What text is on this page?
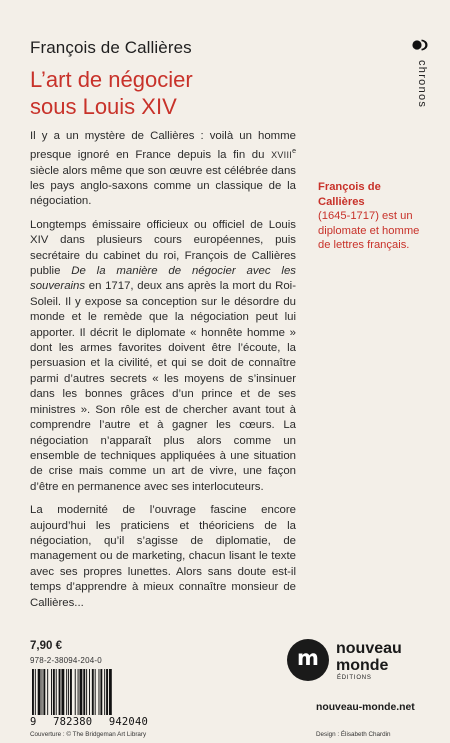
François de Callières
L’art de négocier
sous Louis XIV	chronos

Il y a un mystère de Callières : voilà un homme presque ignoré en France depuis la fin du XVIIIe siècle alors même que son œuvre est célébrée dans les pays anglo-saxons comme un classique de la négociation.

Longtemps émissaire officieux ou officiel de Louis XIV dans plusieurs cours européennes, puis secrétaire du cabinet du roi, François de Callières publie De la manière de négocier avec les souverains en 1717, deux ans après la mort du Roi-Soleil. Il y expose sa conception sur le désordre du monde et le remède que la négociation peut lui apporter. Il décrit le diplomate « honnête homme » dont les armes favorites doivent être l’écoute, la persuasion et la civilité, et qui se doit de connaître parmi d’autres secrets « les moyens de s’insinuer dans les bonnes grâces d’un prince et de ses ministres ». Son rôle est de chercher avant tout à comprendre l’autre et à gagner les cœurs. La négociation n’apparaît plus alors comme un ensemble de techniques appliquées à une situation de crise mais comme un art de vivre, une façon d’être en permanence avec ses interlocuteurs.

La modernité de l’ouvrage fascine encore aujourd’hui les praticiens et théoriciens de la négociation, qu’il s’agisse de diplomatie, de management ou de marketing, chacun lisant le texte avec ses propres lunettes. Alors sans doute est-il temps d’apprendre à mieux connaître monsieur de Callières...

François de Callières
(1645-1717) est un diplomate et homme de lettres français.
7,90 €
978-2-38094-204-0
9 782380 942040
Couverture : © The Bridgeman Art Library
m nouveau
monde
ÉDITIONS
nouveau-monde.net
Design : Élisabeth Chardin
